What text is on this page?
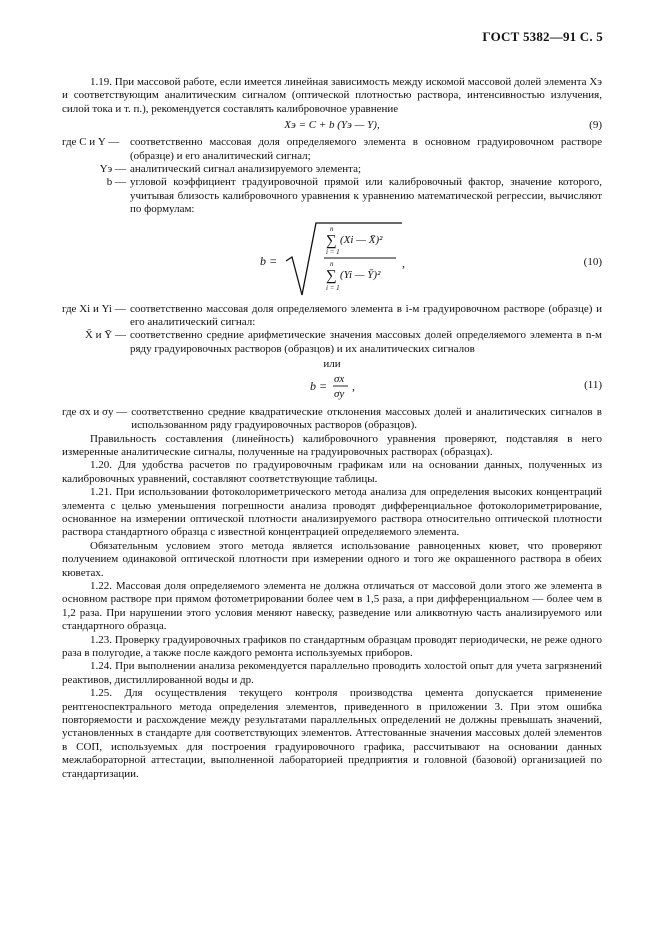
ГОСТ 5382—91 С. 5

1.19. При массовой работе, если имеется линейная зависимость между искомой массовой долей элемента Xэ и соответствующим аналитическим сигналом (оптической плотностью раствора, интенсивностью излучения, силой тока и т. п.), рекомендуется составлять калибровочное уравнение

Xэ = C + b (Yэ — Y),	(9)
где C и Y —	соответственно массовая доля определяемого элемента в основном градуировочном растворе (образце) и его аналитический сигнал;
Yэ —	аналитический сигнал анализируемого элемента;
b —	угловой коэффициент градуировочной прямой или калибровочный фактор, значение которого, учитывая близость калибровочного уравнения к уравнению математической регрессии, вычисляют по формулам:
b =
n
∑
i = 1
(Xi — X̄)²
n
∑
i = 1
(Yi — Ȳ)²
,	(10)
где Xi и Yi —	соответственно массовая доля определяемого элемента в i-м градуировочном растворе (образце) и его аналитический сигнал:
X̄ и Ȳ —	соответственно средние арифметические значения массовых долей определяемого элемента в n-м ряду градуировочных растворов (образцов) и их аналитических сигналов

или

b = σx
σy
,	(11)
где σx и σy —	соответственно средние квадратические отклонения массовых долей и аналитических сигналов в использованном ряду градуировочных растворов (образцов).

Правильность составления (линейность) калибровочного уравнения проверяют, подставляя в него измеренные аналитические сигналы, полученные на градуировочных растворах (образцах).

1.20. Для удобства расчетов по градуировочным графикам или на основании данных, полученных из калибровочных уравнений, составляют соответствующие таблицы.

1.21. При использовании фотоколориметрического метода анализа для определения высоких концентраций элемента с целью уменьшения погрешности анализа проводят дифференциальное фотоколориметрирование, основанное на измерении оптической плотности анализируемого раствора относительно оптической плотности раствора стандартного образца с известной концентрацией определяемого элемента.

Обязательным условием этого метода является использование равноценных кювет, что проверяют получением одинаковой оптической плотности при измерении одного и того же окрашенного раствора в обеих кюветах.

1.22. Массовая доля определяемого элемента не должна отличаться от массовой доли этого же элемента в основном растворе при прямом фотометрировании более чем в 1,5 раза, а при дифференциальном — более чем в 1,2 раза. При нарушении этого условия меняют навеску, разведение или аликвотную часть анализируемого или стандартного образца.

1.23. Проверку градуировочных графиков по стандартным образцам проводят периодически, не реже одного раза в полугодие, а также после каждого ремонта используемых приборов.

1.24. При выполнении анализа рекомендуется параллельно проводить холостой опыт для учета загрязнений реактивов, дистиллированной воды и др.

1.25. Для осуществления текущего контроля производства цемента допускается применение рентгеноспектрального метода определения элементов, приведенного в приложении 3. При этом ошибка повторяемости и расхождение между результатами параллельных определений не должны превышать значений, установленных в стандарте для соответствующих элементов. Аттестованные значения массовых долей элементов в СОП, используемых для построения градуировочного графика, рассчитывают на основании данных межлабораторной аттестации, выполненной лабораторией предприятия и головной (базовой) организацией по стандартизации.
